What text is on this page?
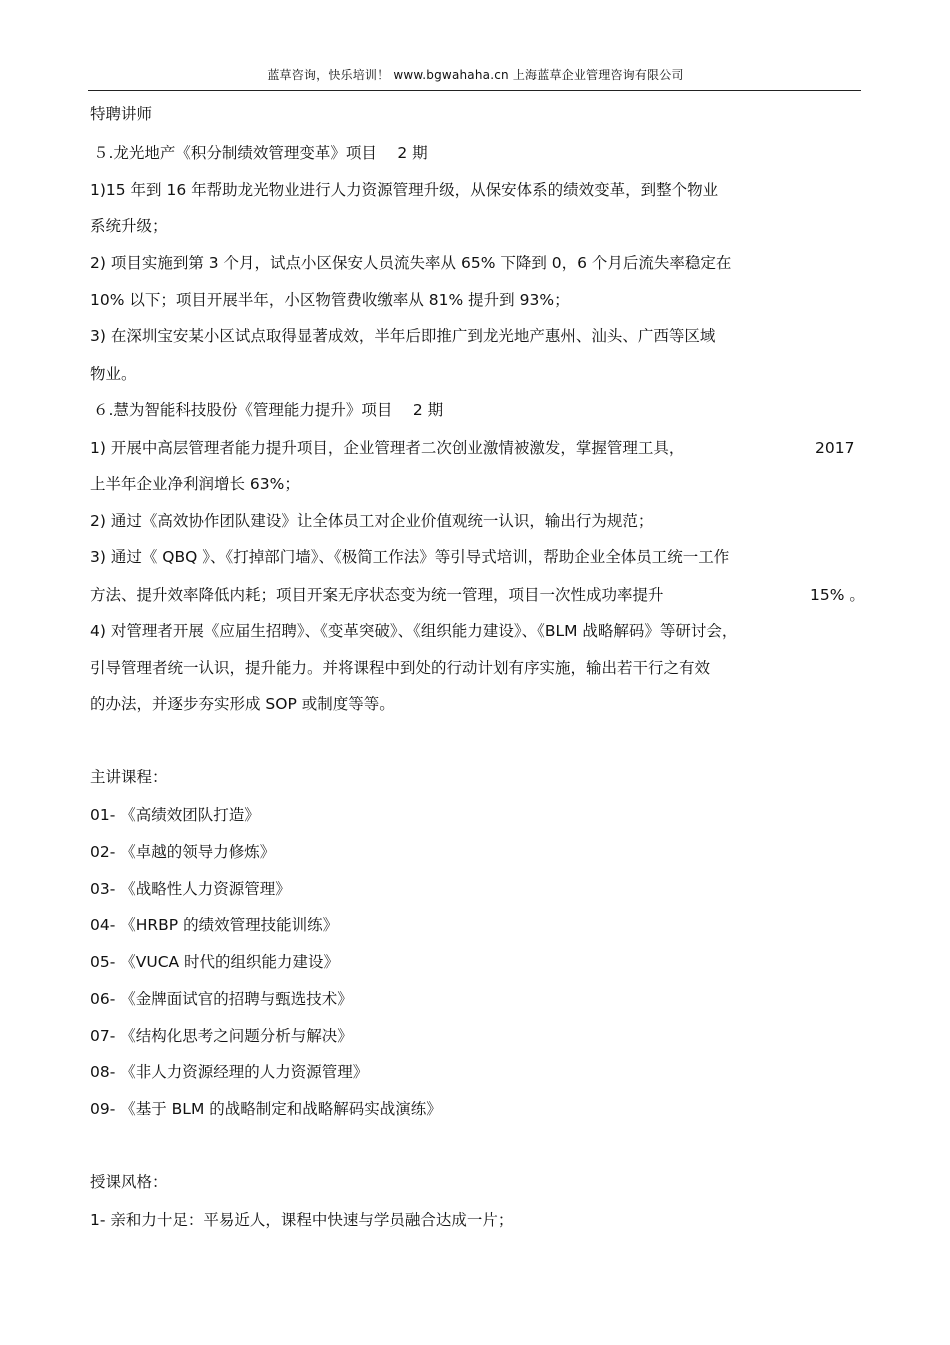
蓝草咨询，快乐培训！ www.bgwahaha.cn 上海蓝草企业管理咨询有限公司
特聘讲师
５.龙光地产《积分制绩效管理变革》项目　 2 期
1)15 年到 16 年帮助龙光物业进行人力资源管理升级，从保安体系的绩效变革，到整个物业
系统升级；
2) 项目实施到第 3 个月，试点小区保安人员流失率从 65% 下降到 0，6 个月后流失率稳定在
10% 以下；项目开展半年，小区物管费收缴率从 81% 提升到 93%；
3) 在深圳宝安某小区试点取得显著成效，半年后即推广到龙光地产惠州、汕头、广西等区域
物业。
６.慧为智能科技股份《管理能力提升》项目　 2 期
1) 开展中高层管理者能力提升项目，企业管理者二次创业激情被激发，掌握管理工具，	2017
上半年企业净利润增长 63%；
2) 通过《高效协作团队建设》让全体员工对企业价值观统一认识，输出行为规范；
3) 通过《 QBQ 》、《打掉部门墙》、《极简工作法》等引导式培训，帮助企业全体员工统一工作
方法、提升效率降低内耗；项目开案无序状态变为统一管理，项目一次性成功率提升	15% 。
4) 对管理者开展《应届生招聘》、《变革突破》、《组织能力建设》、《BLM 战略解码》等研讨会，
引导管理者统一认识，提升能力。并将课程中到处的行动计划有序实施，输出若干行之有效
的办法，并逐步夯实形成 SOP 或制度等等。
主讲课程：
01- 《高绩效团队打造》
02- 《卓越的领导力修炼》
03- 《战略性人力资源管理》
04- 《HRBP 的绩效管理技能训练》
05- 《VUCA 时代的组织能力建设》
06- 《金牌面试官的招聘与甄选技术》
07- 《结构化思考之问题分析与解决》
08- 《非人力资源经理的人力资源管理》
09- 《基于 BLM 的战略制定和战略解码实战演练》
授课风格：
1- 亲和力十足：平易近人，课程中快速与学员融合达成一片；
